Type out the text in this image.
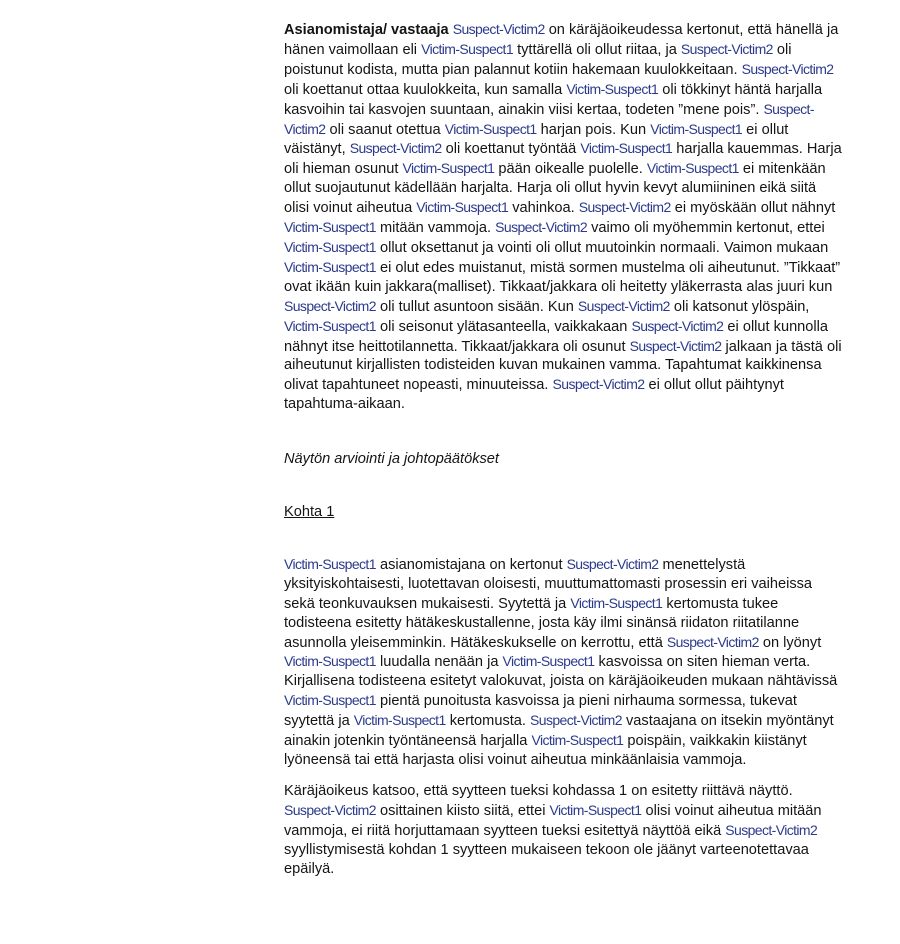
Asianomistaja/ vastaaja Suspect-Victim2 on käräjäoikeudessa kertonut, että hänellä ja hänen vaimollaan eli Victim-Suspect1 tyttärellä oli ollut riitaa, ja Suspect-Victim2 oli poistunut kodista, mutta pian palannut kotiin hakemaan kuulokkeitaan. Suspect-Victim2 oli koettanut ottaa kuulokkeita, kun samalla Victim-Suspect1 oli tökkinyt häntä harjalla kasvoihin tai kasvojen suuntaan, ainakin viisi kertaa, todeten ”mene pois”. Suspect-Victim2 oli saanut otettua Victim-Suspect1 harjan pois. Kun Victim-Suspect1 ei ollut väistänyt, Suspect-Victim2 oli koettanut työntää Victim-Suspect1 harjalla kauemmas. Harja oli hieman osunut Victim-Suspect1 pään oikealle puolelle. Victim-Suspect1 ei mitenkään ollut suojautunut kädellään harjalta. Harja oli ollut hyvin kevyt alumiininen eikä siitä olisi voinut aiheutua Victim-Suspect1 vahinkoa. Suspect-Victim2 ei myöskään ollut nähnyt Victim-Suspect1 mitään vammoja. Suspect-Victim2 vaimo oli myöhemmin kertonut, ettei Victim-Suspect1 ollut oksettanut ja vointi oli ollut muutoinkin normaali. Vaimon mukaan Victim-Suspect1 ei olut edes muistanut, mistä sormen mustelma oli aiheutunut. ”Tikkaat” ovat ikään kuin jakkara(malliset). Tikkaat/jakkara oli heitetty yläkerrasta alas juuri kun Suspect-Victim2 oli tullut asuntoon sisään. Kun Suspect-Victim2 oli katsonut ylöspäin, Victim-Suspect1 oli seisonut ylätasanteella, vaikkakaan Suspect-Victim2 ei ollut kunnolla nähnyt itse heittotilannetta. Tikkaat/jakkara oli osunut Suspect-Victim2 jalkaan ja tästä oli aiheutunut kirjallisten todisteiden kuvan mukainen vamma. Tapahtumat kaikkinensa olivat tapahtuneet nopeasti, minuuteissa. Suspect-Victim2 ei ollut ollut päihtynyt tapahtuma-aikaan.

Näytön arviointi ja johtopäätökset

Kohta 1

Victim-Suspect1 asianomistajana on kertonut Suspect-Victim2 menettelystä yksityiskohtaisesti, luotettavan oloisesti, muuttumattomasti prosessin eri vaiheissa sekä teonkuvauksen mukaisesti. Syytettä ja Victim-Suspect1 kertomusta tukee todisteena esitetty hätäkeskustallenne, josta käy ilmi sinänsä riidaton riitatilanne asunnolla yleisemminkin. Hätäkeskukselle on kerrottu, että Suspect-Victim2 on lyönyt Victim-Suspect1 luudalla nenään ja Victim-Suspect1 kasvoissa on siten hieman verta. Kirjallisena todisteena esitetyt valokuvat, joista on käräjäoikeuden mukaan nähtävissä Victim-Suspect1 pientä punoitusta kasvoissa ja pieni nirhauma sormessa, tukevat syytettä ja Victim-Suspect1 kertomusta. Suspect-Victim2 vastaajana on itsekin myöntänyt ainakin jotenkin työntäneensä harjalla Victim-Suspect1 poispäin, vaikkakin kiistänyt lyöneensä tai että harjasta olisi voinut aiheutua minkäänlaisia vammoja.

Käräjäoikeus katsoo, että syytteen tueksi kohdassa 1 on esitetty riittävä näyttö. Suspect-Victim2 osittainen kiisto siitä, ettei Victim-Suspect1 olisi voinut aiheutua mitään vammoja, ei riitä horjuttamaan syytteen tueksi esitettyä näyttöä eikä Suspect-Victim2 syyllistymisestä kohdan 1 syytteen mukaiseen tekoon ole jäänyt varteenotettavaa epäilyä.
